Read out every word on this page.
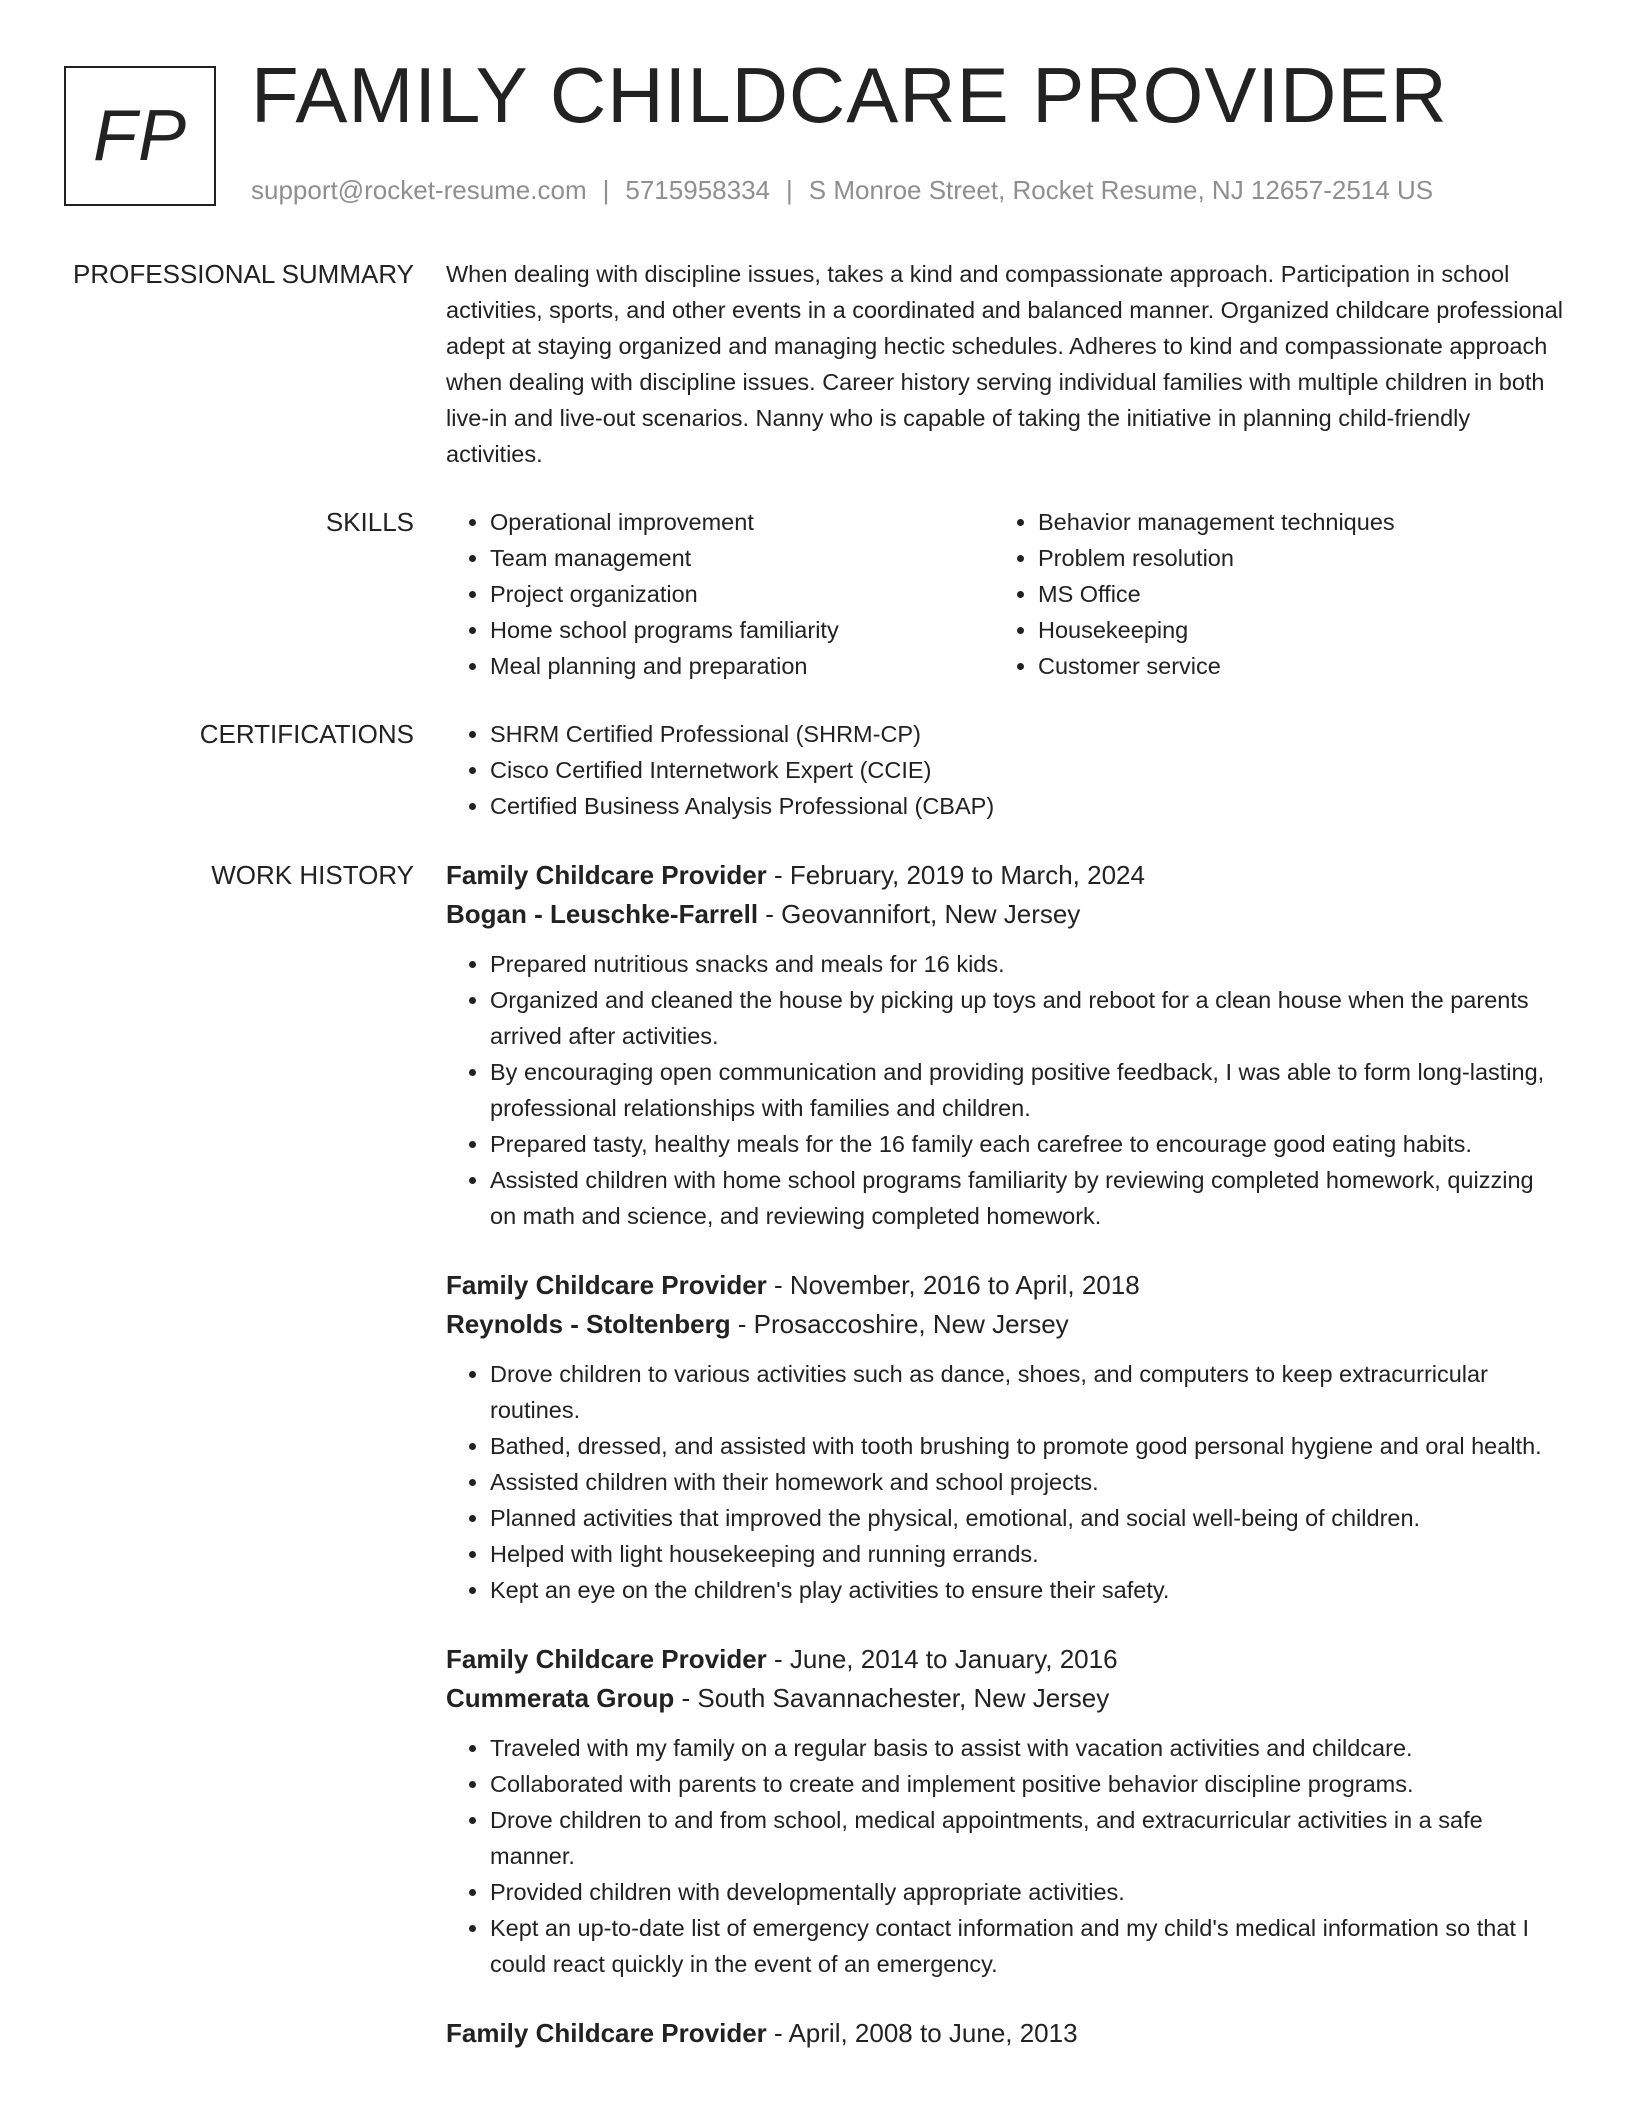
FP FAMILY CHILDCARE PROVIDER
support@rocket-resume.com | 5715958334 | S Monroe Street, Rocket Resume, NJ 12657-2514 US
PROFESSIONAL SUMMARY When dealing with discipline issues, takes a kind and compassionate approach. Participation in school activities, sports, and other events in a coordinated and balanced manner. Organized childcare professional adept at staying organized and managing hectic schedules. Adheres to kind and compassionate approach when dealing with discipline issues. Career history serving individual families with multiple children in both live-in and live-out scenarios. Nanny who is capable of taking the initiative in planning child-friendly activities.
SKILLS	• Operational improvement
• Team management
• Project organization
• Home school programs familiarity
• Meal planning and preparation
• Behavior management techniques
• Problem resolution
• MS Office
• Housekeeping
• Customer service
CERTIFICATIONS	• SHRM Certified Professional (SHRM-CP)
• Cisco Certified Internetwork Expert (CCIE)
• Certified Business Analysis Professional (CBAP)
WORK HISTORY Family Childcare Provider - February, 2019 to March, 2024
Bogan - Leuschke-Farrell - Geovannifort, New Jersey
• Prepared nutritious snacks and meals for 16 kids.
• Organized and cleaned the house by picking up toys and reboot for a clean house when the parents arrived after activities.
• By encouraging open communication and providing positive feedback, I was able to form long-lasting, professional relationships with families and children.
• Prepared tasty, healthy meals for the 16 family each carefree to encourage good eating habits.
• Assisted children with home school programs familiarity by reviewing completed homework, quizzing on math and science, and reviewing completed homework.
Family Childcare Provider - November, 2016 to April, 2018
Reynolds - Stoltenberg - Prosaccoshire, New Jersey
• Drove children to various activities such as dance, shoes, and computers to keep extracurricular routines.
• Bathed, dressed, and assisted with tooth brushing to promote good personal hygiene and oral health.
• Assisted children with their homework and school projects.
• Planned activities that improved the physical, emotional, and social well-being of children.
• Helped with light housekeeping and running errands.
• Kept an eye on the children's play activities to ensure their safety.
Family Childcare Provider - June, 2014 to January, 2016
Cummerata Group - South Savannachester, New Jersey
• Traveled with my family on a regular basis to assist with vacation activities and childcare.
• Collaborated with parents to create and implement positive behavior discipline programs.
• Drove children to and from school, medical appointments, and extracurricular activities in a safe manner.
• Provided children with developmentally appropriate activities.
• Kept an up-to-date list of emergency contact information and my child's medical information so that I could react quickly in the event of an emergency.
Family Childcare Provider - April, 2008 to June, 2013
